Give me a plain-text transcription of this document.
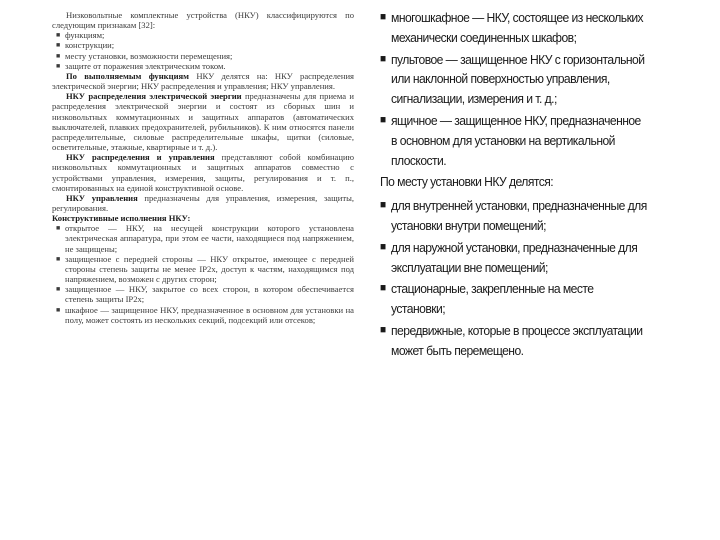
Низковольтные комплектные устройства (НКУ) классифицируются по следующим признакам [32]:

■ функциям;
■ конструкции;
■ месту установки, возможности перемещения;
■ защите от поражения электрическим током.

По выполняемым функциям НКУ делятся на: НКУ распределения электрической энергии; НКУ распределения и управления; НКУ управления.

НКУ распределения электрической энергии предназначены для приема и распределения электрической энергии и состоят из сборных шин и низковольтных коммутационных и защитных аппаратов (автоматических выключателей, плавких предохранителей, рубильников). К ним относятся панели распределительные, силовые распределительные шкафы, щитки (силовые, осветительные, этажные, квартирные и т. д.).

НКУ распределения и управления представляют собой комбинацию низковольтных коммутационных и защитных аппаратов совместно с устройствами управления, измерения, защиты, регулирования и т. п., смонтированных на единой конструктивной основе.

НКУ управления предназначены для управления, измерения, защиты, регулирования.

Конструктивные исполнения НКУ:

■ открытое — НКУ, на несущей конструкции которого установлена электрическая аппаратура, при этом ее части, находящиеся под напряжением, не защищены;
■ защищенное с передней стороны — НКУ открытое, имеющее с передней стороны степень защиты не менее IP2х, доступ к частям, находящимся под напряжением, возможен с других сторон;
■ защищенное — НКУ, закрытое со всех сторон, в котором обеспечивается степень защиты IP2х;
■ шкафное — защищенное НКУ, предназначенное в основном для установки на полу, может состоять из нескольких секций, подсекций или отсеков;
■ многошкафное — НКУ, состоящее из нескольких механически соединенных шкафов;
■ пультовое — защищенное НКУ с горизонтальной или наклонной поверхностью управления, сигнализации, измерения и т. д.;
■ ящичное — защищенное НКУ, предназначенное в основном для установки на вертикальной плоскости.

По месту установки НКУ делятся:

■ для внутренней установки, предназначенные для установки внутри помещений;
■ для наружной установки, предназначенные для эксплуатации вне помещений;
■ стационарные, закрепленные на месте установки;
■ передвижные, которые в процессе эксплуатации может быть перемещено.
